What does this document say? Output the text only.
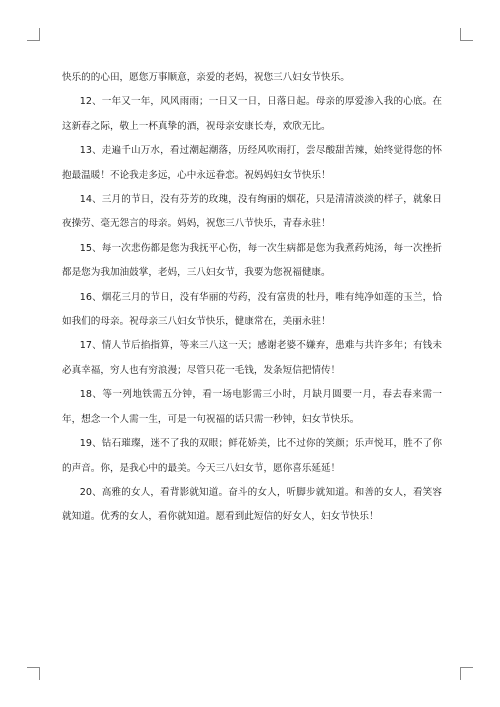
快乐的的心田，愿您万事顺意，亲爱的老妈，祝您三八妇女节快乐。

12、一年又一年，风风雨雨；一日又一日，日落日起。母亲的厚爱渗入我的心底。在这新春之际，敬上一杯真挚的酒，祝母亲安康长寿，欢欣无比。

13、走遍千山万水，看过潮起潮落，历经风吹雨打，尝尽酸甜苦辣，始终觉得您的怀抱最温暖！不论我走多远，心中永远眷恋。祝妈妈妇女节快乐！

14、三月的节日，没有芬芳的玫瑰，没有绚丽的烟花，只是清清淡淡的样子，就象日夜操劳、毫无怨言的母亲。妈妈，祝您三八节快乐，青春永驻！

15、每一次悲伤都是您为我抚平心伤，每一次生病都是您为我煮药炖汤，每一次挫折都是您为我加油鼓掌，老妈，三八妇女节，我要为您祝福健康。

16、烟花三月的节日，没有华丽的芍药，没有富贵的牡丹，唯有纯净如莲的玉兰，恰如我们的母亲。祝母亲三八妇女节快乐，健康常在，美丽永驻！

17、情人节后掐指算，等来三八这一天；感谢老婆不嫌弃，患难与共许多年；有钱未必真幸福，穷人也有穷浪漫；尽管只花一毛钱，发条短信把情传！

18、等一列地铁需五分钟，看一场电影需三小时，月缺月圆要一月，春去春来需一年，想念一个人需一生，可是一句祝福的话只需一秒钟，妇女节快乐。

19、钻石璀璨，迷不了我的双眼；鲜花娇美，比不过你的笑颜；乐声悦耳，胜不了你的声音。你，是我心中的最美。今天三八妇女节，愿你喜乐延延！

20、高雅的女人，看背影就知道。奋斗的女人，听脚步就知道。和善的女人，看笑容就知道。优秀的女人，看你就知道。愿看到此短信的好女人，妇女节快乐！
